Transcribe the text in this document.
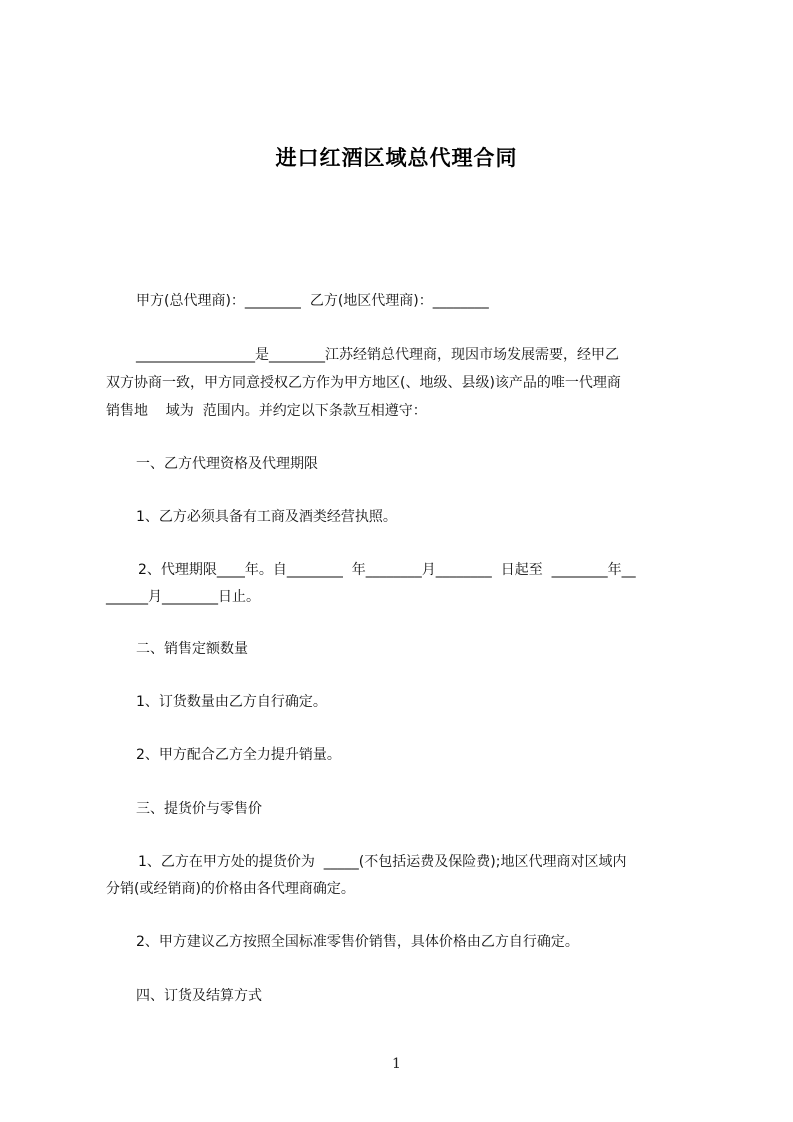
进口红酒区域总代理合同
甲方(总代理商)：________  乙方(地区代理商)：________
_________________是________江苏经销总代理商，现因市场发展需要，经甲乙
双方协商一致，甲方同意授权乙方作为甲方地区(、地级、县级)该产品的唯一代理商
销售地    域为  范围内。并约定以下条款互相遵守：
一、乙方代理资格及代理期限
1、乙方必须具备有工商及酒类经营执照。
2、代理期限____年。自________  年________月________  日起至  ________年__
______月________日止。
二、销售定额数量
1、订货数量由乙方自行确定。
2、甲方配合乙方全力提升销量。
三、提货价与零售价
1、乙方在甲方处的提货价为  _____(不包括运费及保险费);地区代理商对区域内
分销(或经销商)的价格由各代理商确定。
2、甲方建议乙方按照全国标准零售价销售，具体价格由乙方自行确定。
四、订货及结算方式
1
